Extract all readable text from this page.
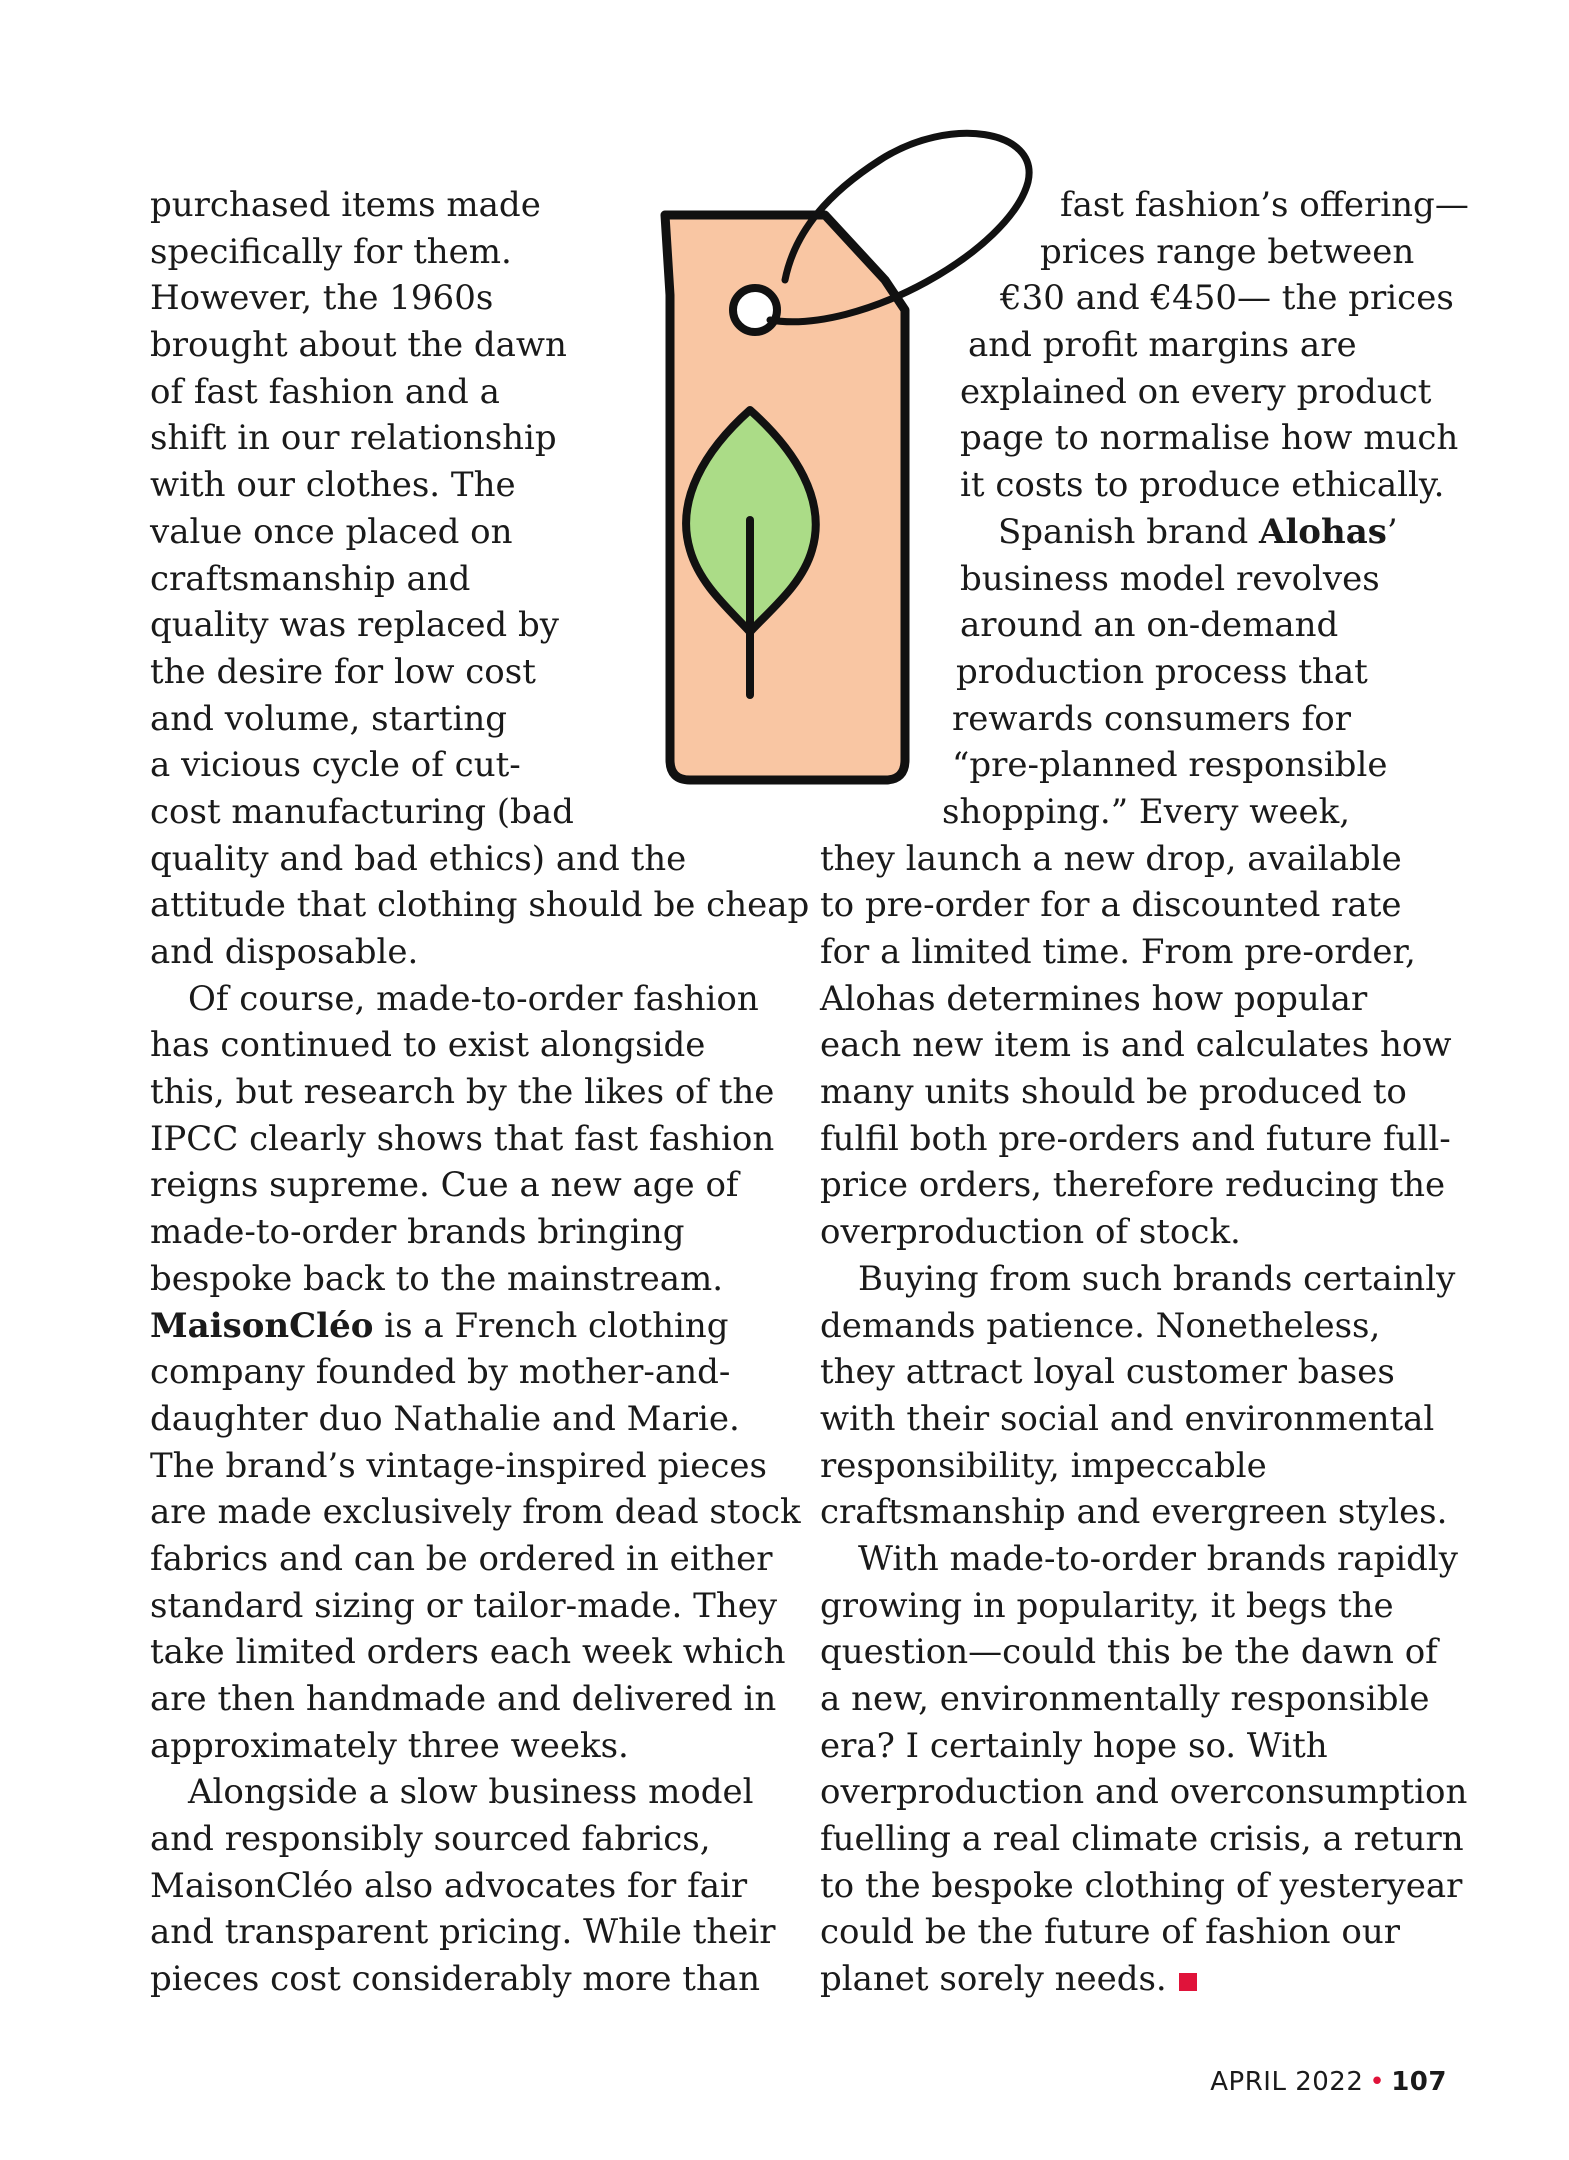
purchased items made
specifically for them.
However, the 1960s
brought about the dawn
of fast fashion and a
shift in our relationship
with our clothes. The
value once placed on
craftsmanship and
quality was replaced by
the desire for low cost
and volume, starting
a vicious cycle of cut-
cost manufacturing (bad
quality and bad ethics) and the
attitude that clothing should be cheap
and disposable.
Of course, made-to-order fashion
has continued to exist alongside
this, but research by the likes of the
IPCC clearly shows that fast fashion
reigns supreme. Cue a new age of
made-to-order brands bringing
bespoke back to the mainstream.
MaisonCléo is a French clothing
company founded by mother-and-
daughter duo Nathalie and Marie.
The brand’s vintage-inspired pieces
are made exclusively from dead stock
fabrics and can be ordered in either
standard sizing or tailor-made. They
take limited orders each week which
are then handmade and delivered in
approximately three weeks.
Alongside a slow business model
and responsibly sourced fabrics,
MaisonCléo also advocates for fair
and transparent pricing. While their
pieces cost considerably more than
fast fashion’s offering—
prices range between
€30 and €450— the prices
and profit margins are
explained on every product
page to normalise how much
it costs to produce ethically.
Spanish brand Alohas’
business model revolves
around an on-demand
production process that
rewards consumers for
“pre-planned responsible
shopping.” Every week,
they launch a new drop, available
to pre-order for a discounted rate
for a limited time. From pre-order,
Alohas determines how popular
each new item is and calculates how
many units should be produced to
fulfil both pre-orders and future full-
price orders, therefore reducing the
overproduction of stock.
Buying from such brands certainly
demands patience. Nonetheless,
they attract loyal customer bases
with their social and environmental
responsibility, impeccable
craftsmanship and evergreen styles.
With made-to-order brands rapidly
growing in popularity, it begs the
question—could this be the dawn of
a new, environmentally responsible
era? I certainly hope so. With
overproduction and overconsumption
fuelling a real climate crisis, a return
to the bespoke clothing of yesteryear
could be the future of fashion our
planet sorely needs.
APRIL 2022 • 107
